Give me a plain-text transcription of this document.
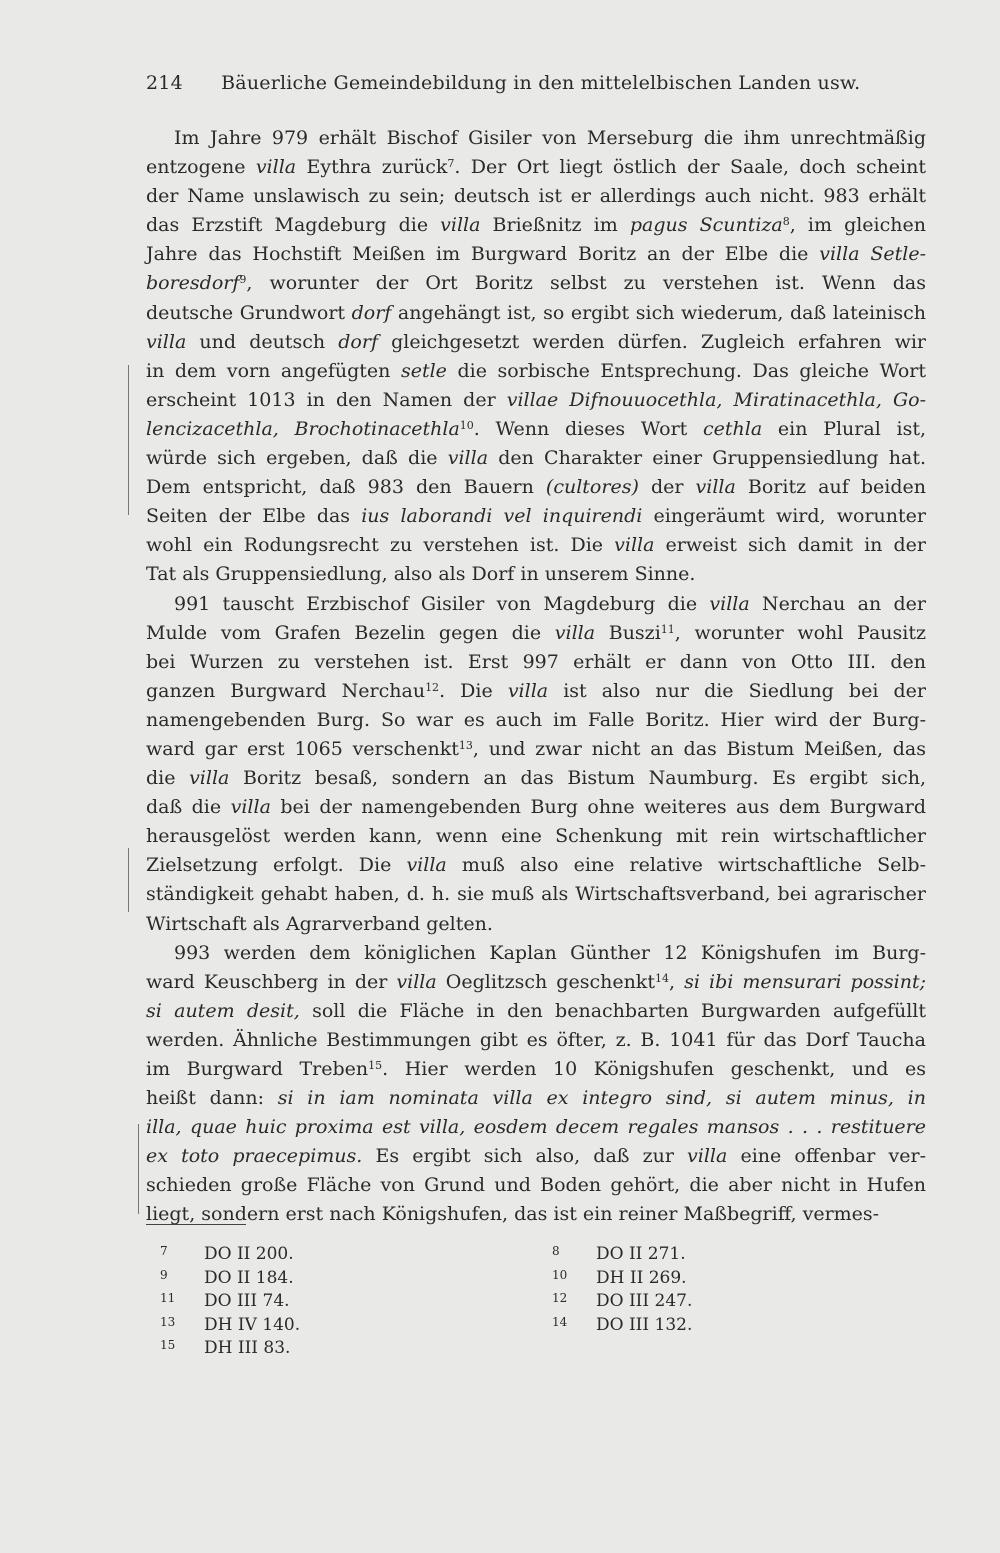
214 Bäuerliche Gemeindebildung in den mittelelbischen Landen usw.
Im Jahre 979 erhält Bischof Gisiler von Merseburg die ihm unrechtmäßig
entzogene villa Eythra zurück$^7$. Der Ort liegt östlich der Saale, doch scheint
der Name unslawisch zu sein; deutsch ist er allerdings auch nicht. 983 erhält
das Erzstift Magdeburg die villa Brießnitz im pagus Scuntiza$^8$, im gleichen
Jahre das Hochstift Meißen im Burgward Boritz an der Elbe die villa Setle-
boresdorf$^9$, worunter der Ort Boritz selbst zu verstehen ist. Wenn das
deutsche Grundwort dorf angehängt ist, so ergibt sich wiederum, daß lateinisch
villa und deutsch dorf gleichgesetzt werden dürfen. Zugleich erfahren wir
in dem vorn angefügten setle die sorbische Entsprechung. Das gleiche Wort
erscheint 1013 in den Namen der villae Difnouuocethla, Miratinacethla, Go-
lencizacethla, Brochotinacethla$^{10}$. Wenn dieses Wort cethla ein Plural ist,
würde sich ergeben, daß die villa den Charakter einer Gruppensiedlung hat.
Dem entspricht, daß 983 den Bauern (cultores) der villa Boritz auf beiden
Seiten der Elbe das ius laborandi vel inquirendi eingeräumt wird, worunter
wohl ein Rodungsrecht zu verstehen ist. Die villa erweist sich damit in der
Tat als Gruppensiedlung, also als Dorf in unserem Sinne.
991 tauscht Erzbischof Gisiler von Magdeburg die villa Nerchau an der
Mulde vom Grafen Bezelin gegen die villa Buszi$^{11}$, worunter wohl Pausitz
bei Wurzen zu verstehen ist. Erst 997 erhält er dann von Otto III. den
ganzen Burgward Nerchau$^{12}$. Die villa ist also nur die Siedlung bei der
namengebenden Burg. So war es auch im Falle Boritz. Hier wird der Burg-
ward gar erst 1065 verschenkt$^{13}$, und zwar nicht an das Bistum Meißen, das
die villa Boritz besaß, sondern an das Bistum Naumburg. Es ergibt sich,
daß die villa bei der namengebenden Burg ohne weiteres aus dem Burgward
herausgelöst werden kann, wenn eine Schenkung mit rein wirtschaftlicher
Zielsetzung erfolgt. Die villa muß also eine relative wirtschaftliche Selb-
ständigkeit gehabt haben, d. h. sie muß als Wirtschaftsverband, bei agrarischer
Wirtschaft als Agrarverband gelten.
993 werden dem königlichen Kaplan Günther 12 Königshufen im Burg-
ward Keuschberg in der villa Oeglitzsch geschenkt$^{14}$, si ibi mensurari possint;
si autem desit, soll die Fläche in den benachbarten Burgwarden aufgefüllt
werden. Ähnliche Bestimmungen gibt es öfter, z. B. 1041 für das Dorf Taucha
im Burgward Treben$^{15}$. Hier werden 10 Königshufen geschenkt, und es
heißt dann: si in iam nominata villa ex integro sind, si autem minus, in
illa, quae huic proxima est villa, eosdem decem regales mansos . . . restituere
ex toto praecepimus. Es ergibt sich also, daß zur villa eine offenbar ver-
schieden große Fläche von Grund und Boden gehört, die aber nicht in Hufen
liegt, sondern erst nach Königshufen, das ist ein reiner Maßbegriff, vermes-
7 DO II 200.	8 DO II 271.
9 DO II 184.	10 DH II 269.
11 DO III 74.	12 DO III 247.
13 DH IV 140.	14 DO III 132.
15 DH III 83.
